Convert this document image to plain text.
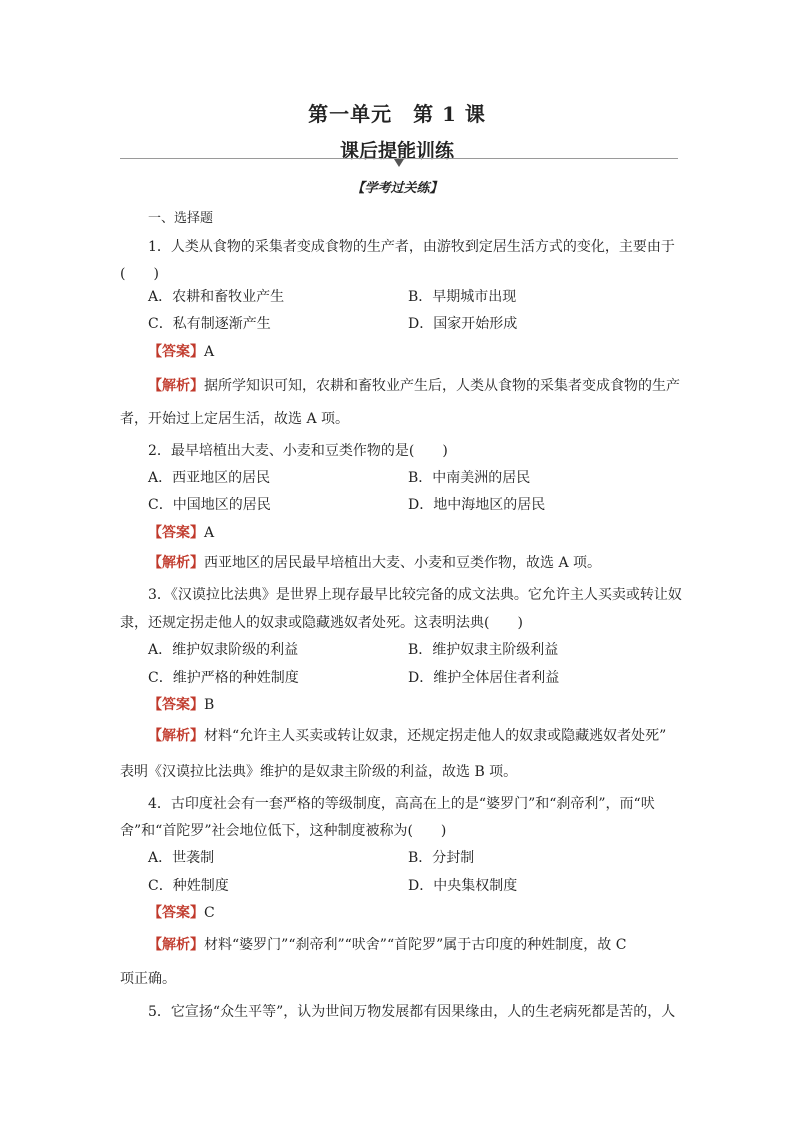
第一单元　第 1 课
课后提能训练
【学考过关练】
一、选择题
1．人类从食物的采集者变成食物的生产者，由游牧到定居生活方式的变化，主要由于
(　　)
A．农耕和畜牧业产生	B．早期城市出现
C．私有制逐渐产生	D．国家开始形成
【答案】A
【解析】据所学知识可知，农耕和畜牧业产生后，人类从食物的采集者变成食物的生产
者，开始过上定居生活，故选 A 项。
2．最早培植出大麦、小麦和豆类作物的是(　　)
A．西亚地区的居民	B．中南美洲的居民
C．中国地区的居民	D．地中海地区的居民
【答案】A
【解析】西亚地区的居民最早培植出大麦、小麦和豆类作物，故选 A 项。
3．《汉谟拉比法典》是世界上现存最早比较完备的成文法典。它允许主人买卖或转让奴
隶，还规定拐走他人的奴隶或隐藏逃奴者处死。这表明法典(　　)
A．维护奴隶阶级的利益	B．维护奴隶主阶级利益
C．维护严格的种姓制度	D．维护全体居住者利益
【答案】B
【解析】材料“允许主人买卖或转让奴隶，还规定拐走他人的奴隶或隐藏逃奴者处死”
表明《汉谟拉比法典》维护的是奴隶主阶级的利益，故选 B 项。
4．古印度社会有一套严格的等级制度，高高在上的是“婆罗门”和“刹帝利”，而“吠
舍”和“首陀罗”社会地位低下，这种制度被称为(　　)
A．世袭制	B．分封制
C．种姓制度	D．中央集权制度
【答案】C
【解析】材料“婆罗门”“刹帝利”“吠舍”“首陀罗”属于古印度的种姓制度，故 C
项正确。
5．它宣扬“众生平等”，认为世间万物发展都有因果缘由，人的生老病死都是苦的，人
